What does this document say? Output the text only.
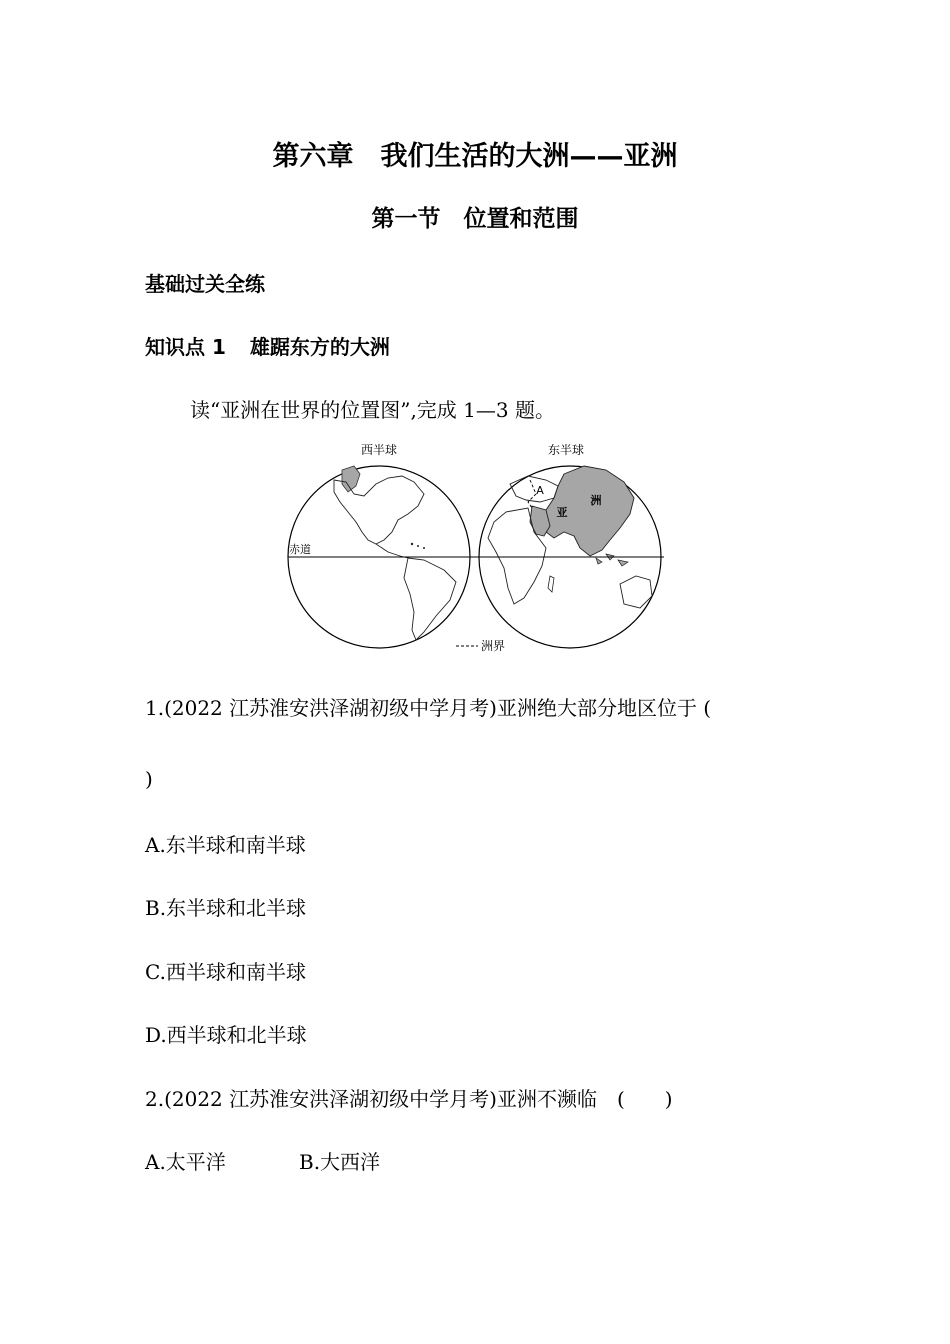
第六章　我们生活的大洲——亚洲
第一节　位置和范围
基础过关全练
知识点 1 雄踞东方的大洲
读“亚洲在世界的位置图”,完成 1—3 题。
西半球	东半球
亚
洲
A
赤道
洲界
1.(2022 江苏淮安洪泽湖初级中学月考)亚洲绝大部分地区位于 (
)
A.东半球和南半球
B.东半球和北半球
C.西半球和南半球
D.西半球和北半球
2.(2022 江苏淮安洪泽湖初级中学月考)亚洲不濒临 (　　)
A.太平洋	B.大西洋
